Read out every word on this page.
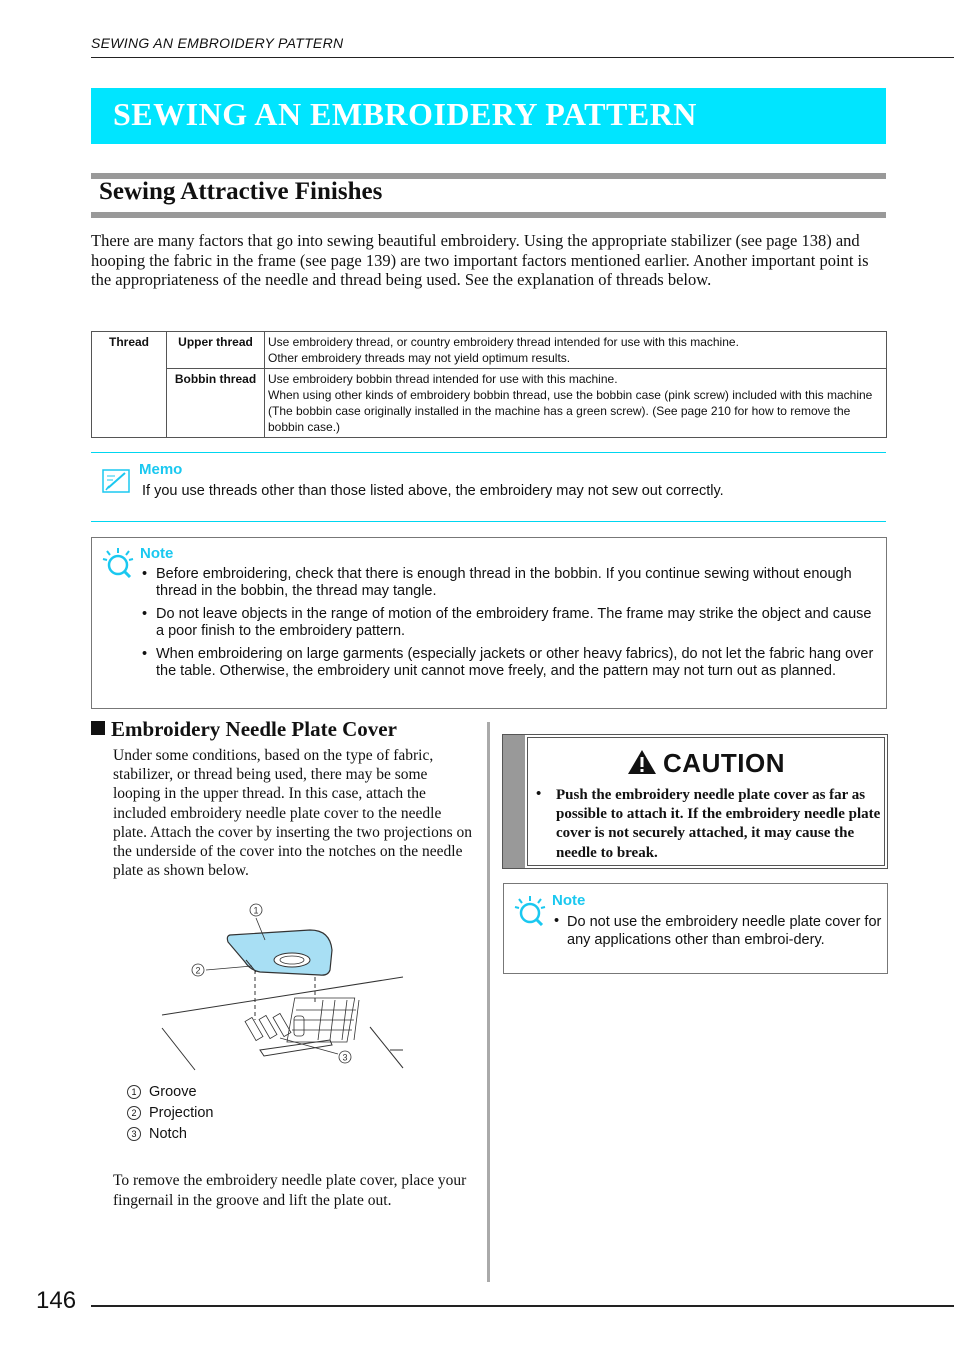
SEWING AN EMBROIDERY PATTERN
SEWING AN EMBROIDERY PATTERN
Sewing Attractive Finishes
There are many factors that go into sewing beautiful embroidery. Using the appropriate stabilizer (see page 138) and hooping the fabric in the frame (see page 139) are two important factors mentioned earlier. Another important point is the appropriateness of the needle and thread being used. See the explanation of threads below.
Thread	Upper thread	Use embroidery thread, or country embroidery thread intended for use with this machine.
Other embroidery threads may not yield optimum results.

	Bobbin thread	Use embroidery bobbin thread intended for use with this machine.
When using other kinds of embroidery bobbin thread, use the bobbin case (pink screw) included with this machine (The bobbin case originally installed in the machine has a green screw). (See page 210 for how to remove the bobbin case.)
Memo
If you use threads other than those listed above, the embroidery may not sew out correctly.
Note
• Before embroidering, check that there is enough thread in the bobbin. If you continue sewing without enough thread in the bobbin, the thread may tangle.
• Do not leave objects in the range of motion of the embroidery frame. The frame may strike the object and cause a poor finish to the embroidery pattern.
• When embroidering on large garments (especially jackets or other heavy fabrics), do not let the fabric hang over the table. Otherwise, the embroidery unit cannot move freely, and the pattern may not turn out as planned.
Embroidery Needle Plate Cover
Under some conditions, based on the type of fabric, stabilizer, or thread being used, there may be some looping in the upper thread. In this case, attach the included embroidery needle plate cover to the needle plate. Attach the cover by inserting the two projections on the underside of the cover into the notches on the needle plate as shown below.
CAUTION
• Push the embroidery needle plate cover as far as possible to attach it. If the embroidery needle plate cover is not securely attached, it may cause the needle to break.
Note
• Do not use the embroidery needle plate cover for any applications other than embroi-dery.
1
2
3
1 Groove
2 Projection
3 Notch
To remove the embroidery needle plate cover, place your fingernail in the groove and lift the plate out.
146
